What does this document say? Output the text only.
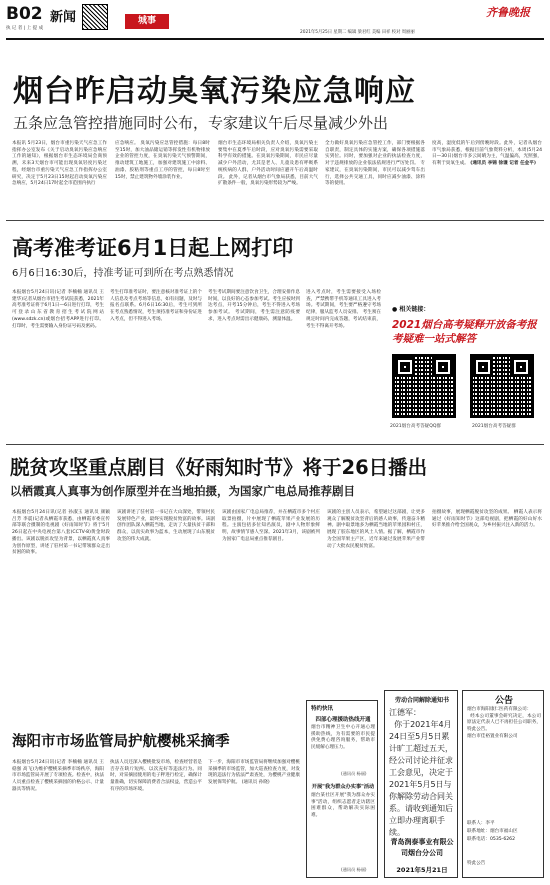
B02 新闻
执 记 者 | 上 提 成
城事
齐鲁晚报
2021年5月25日 星期二 编辑 梁君红 美编 田祥 校对 周丽丽
烟台昨启动臭氧污染应急响应
五条应急管控措施同时公布，专家建议午后尽量减少外出
本报讯 5月23日，烟台市重污染天气应急工作指挥办公室发布《关于启动臭氧污染应急响应工作的通知》，根据烟台市生态环境局会商预测，未来3天烟台市可能出现臭氧轻度污染过程，经烟台市重污染天气应急工作指挥办公室研究，决定于5月23日15时起启动臭氧污染应急响应，5月24日17时起全市范围内执行
应急响应。 臭氧污染应急管控措施：每日8时至15时，加大油品储运销等挥发性有机物排放企业的管控力度，在臭氧污染天气预警期间，推动建筑工地施工，加强对建筑施工中涂料、油漆、胶粘剂等重点工序的管控，每日8时至15时，禁止建筑物外墙涂装作业。
烟台市生态环境局相关负责人介绍，臭氧污染主要集中在夏季午后时段，应对臭氧污染需要采取科学有效的措施。在臭氧污染期间，市民应尽量减少户外活动，尤其是老人、儿童及患有呼吸系统疾病的人群，户外活动时间应避开午后高温时段。 此外，记者从烟台市气象局获悉，目前大气扩散条件一般，臭氧污染形势较为严峻。
全力做好臭氧污染应急管控工作，部门要根据各自职责，制定具体的实施方案，确保各项措施落实到位。同时，要加强对企业的执法检查力度，对于违规排放的企业依法依规进行严厉处罚。 专家建议，在臭氧污染期间，市民可以减少驾车出行，选择公共交通工具，同时应减少油漆、涂料等的使用。
度高，湿度低的午后到傍晚时段。此外，记者从烟台市气象局获悉，根据目前气象资料分析，本周(5月24日—30日)烟台市多云间晴为主，气温偏高，光照强，有利于臭氧生成。 (通讯员 李锦 徐谦 记者 任金平)
高考准考证6月1日起上网打印
6月6日16:30后，持准考证可到所在考点熟悉情况
本报烟台5月24日讯(记者 李楠楠 通讯员 王建华)记者从烟台市招生考试院获悉，2021年高考准考证将于6月1日—6日进行打印，考生可登录山东省教育招生考试院网站(www.sdzk.cn)或烟台招考APP进行打印。打印时，考生需要输入身份证号码及密码。
考生打印准考证时，要注意核对准考证上的个人信息及考点考场等信息，如有问题，及时与报名点联系。6月6日16:30后，考生可到所在考点熟悉情况，考生须持准考证和身份证进入考点，但不得进入考场。
考生考试期间要注意饮食卫生，合理安排作息时间，以良好的心态参加考试。考生应按时到达考点，开考15分钟后，考生不得进入考场参加考试。 考试期间，考生需注意防疫要求，进入考点时需出示健康码，测量体温。
进入考点时，考生需要接受入场检查，严禁携带手机等通讯工具进入考场。考试期间，考生要严格遵守考场纪律，服从监考人员安排。 考生须在规定时间内完成答题，考试结束前，考生不得离开考场。
● 相关链接：
2021烟台高考疑释开放备考报考疑难一站式解答
2021烟台高考答疑QQ群	2021烟台高考答疑群
脱贫攻坚重点剧目《好雨知时节》将于26日播出
以栖霞真人真事为创作原型并在当地拍摄，为国家广电总局推荐剧目
本报烟台5月24日讯(记者 孙淑玉 通讯员 颜颖 吕芳 李震)记者从栖霞市获悉，由栖霞市委宣传部等联合摄制的电视剧《好雨知时节》将于5月26日起在中央电视台第八套(CCTV-8)黄金时段播出。该剧以脱贫攻坚为背景，以栖霞真人真事为创作原型，讲述了驻村第一书记带领群众走出贫困的故事。
该剧讲述了驻村第一书记在大山深处，带领村民发展特色产业，最终实现脱贫致富的故事。该剧创作团队深入栖霞当地，走访了大量扶贫干部和群众，以真实故事为蓝本，生动展现了山东脱贫攻坚的伟大成就。
该剧由国家广电总局推荐，并在栖霞市多个村庄取景拍摄，片中展现了栖霞苹果产业发展的历程。主演包括多位知名演员，剧中人物形象鲜明，故事情节感人至深。2021年3月，该剧被列为国家广电总局重点推荐剧目。
该剧的主创人员表示，希望通过这部剧，让更多观众了解脱贫攻坚背后的感人故事，传递奋斗精神。剧中取景地多为栖霞当地的苹果园和村庄，展现了胶东地区的风土人情。据了解，栖霞市作为全国苹果主产区，近年来通过发展苹果产业带动了大批农民脱贫致富。
拍摄故事，展现栖霞脱贫攻坚的成果。 栖霞人表示将通过《好雨知时节》这部电视剧，把栖霞的好山好水好苹果推介给全国观众，为乡村振兴注入新的活力。
海阳市市场监管局护航樱桃采摘季
本报烟台5月24日讯(记者 李楠楠 通讯员 王稳强 高飞)为维护樱桃采摘季市场秩序，海阳市市场监管局开展了专项检查。检查中，执法人员重点检查了樱桃采摘园的价格公示、计量器具等情况。
执法人员还深入樱桃批发市场，检查经营者是否存在缺斤短两、以次充好等违法行为。同时，对采摘园使用的电子秤进行检定，确保计量准确，切实保障消费者合法权益，营造公平有序的市场环境。
下一步，海阳市市场监管局将继续加强对樱桃采摘季的市场监管，加大巡查检查力度，对发现的违法行为依法严肃查处，为樱桃产业健康发展保驾护航。 (通讯员 孙晓)
特约快讯
四部心理援助热线开通
烟台市精神卫生中心开通心理援助热线，为有需要的市民提供免费心理咨询服务，帮助市民缓解心理压力。
(通讯员 杨丽)
开展"我为群众办实事"活动
烟台某社区开展"我为群众办实事"活动，组织志愿者走访辖区困难群众，帮助解决实际困难。
(通讯员 杨丽)
劳动合同解除通知书
江德军：
你于2021年4月24日至5月5日累计旷工超过五天，经公司讨论并征求工会意见，决定于2021年5月5日与你解除劳动合同关系。请收到通知后立即办理离职手续。
青岛润泰事业有限公司烟台分公司
2021年5月21日
公告
烟台市海阳康仁医药有限公司：
经本公司董事会研究决定，本公司原法定代表人已不再担任公司职务，特此公告。
烟台市佳裕置业有限公司
联系人：李平
联系地址：烟台市福山区
联系电话：0535-6262
特此公告
